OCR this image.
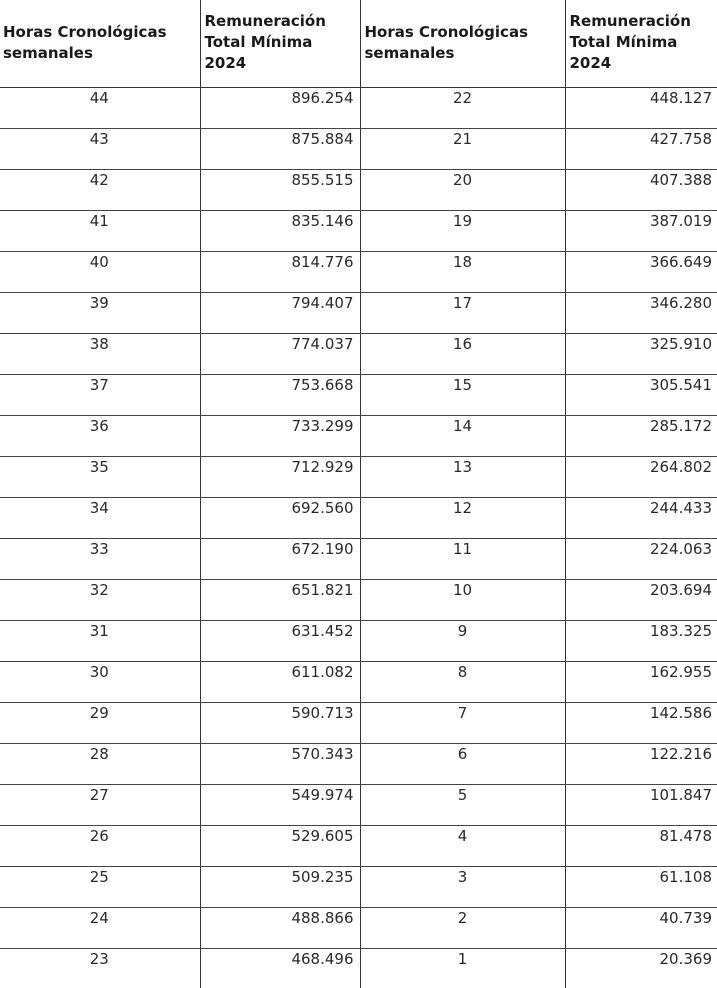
Horas Cronológicas
semanales	Remuneración
Total Mínima
2024	Horas Cronológicas
semanales	Remuneración
Total Mínima
2024

44	896.254	22	448.127
43	875.884	21	427.758
42	855.515	20	407.388
41	835.146	19	387.019
40	814.776	18	366.649
39	794.407	17	346.280
38	774.037	16	325.910
37	753.668	15	305.541
36	733.299	14	285.172
35	712.929	13	264.802
34	692.560	12	244.433
33	672.190	11	224.063
32	651.821	10	203.694
31	631.452	9	183.325
30	611.082	8	162.955
29	590.713	7	142.586
28	570.343	6	122.216
27	549.974	5	101.847
26	529.605	4	81.478
25	509.235	3	61.108
24	488.866	2	40.739
23	468.496	1	20.369
